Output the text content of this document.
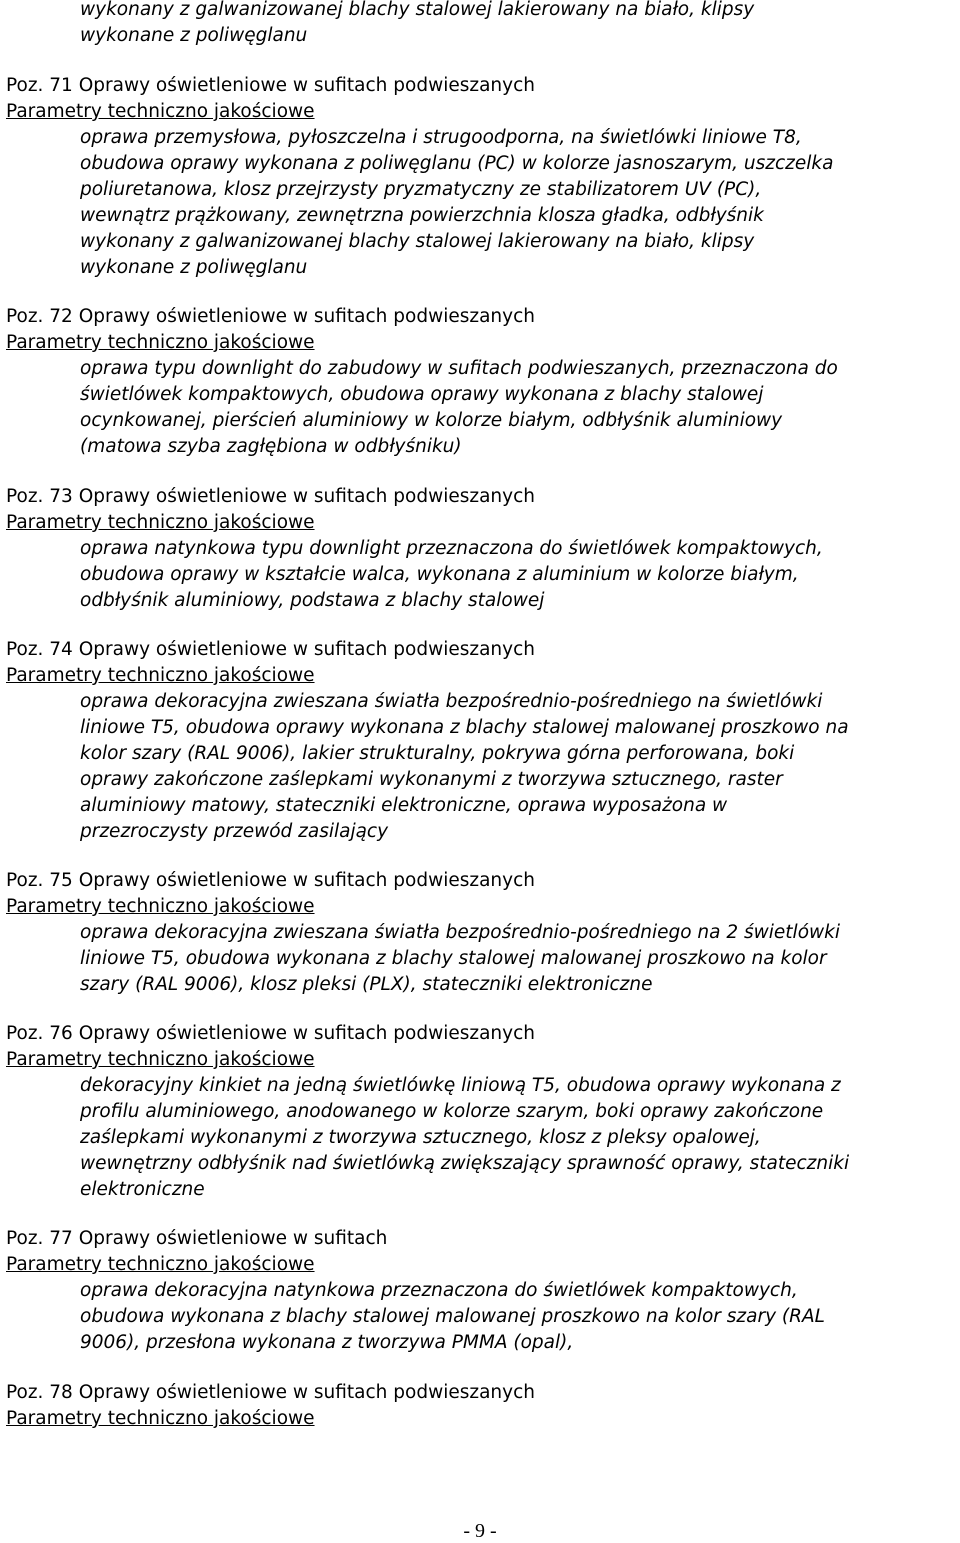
wykonany z galwanizowanej blachy stalowej lakierowany na biało, klipsy
wykonane z poliwęglanu
Poz. 71 Oprawy oświetleniowe w sufitach podwieszanych
Parametry techniczno jakościowe
oprawa przemysłowa, pyłoszczelna i strugoodporna, na świetlówki liniowe T8,
obudowa oprawy wykonana z poliwęglanu (PC) w kolorze jasnoszarym, uszczelka
poliuretanowa, klosz przejrzysty pryzmatyczny ze stabilizatorem UV (PC),
wewnątrz prążkowany, zewnętrzna powierzchnia klosza gładka, odbłyśnik
wykonany z galwanizowanej blachy stalowej lakierowany na biało, klipsy
wykonane z poliwęglanu
Poz. 72 Oprawy oświetleniowe w sufitach podwieszanych
Parametry techniczno jakościowe
oprawa typu downlight do zabudowy w sufitach podwieszanych, przeznaczona do
świetlówek kompaktowych, obudowa oprawy wykonana z blachy stalowej
ocynkowanej, pierścień aluminiowy w kolorze białym, odbłyśnik aluminiowy
(matowa szyba zagłębiona w odbłyśniku)
Poz. 73 Oprawy oświetleniowe w sufitach podwieszanych
Parametry techniczno jakościowe
oprawa natynkowa typu downlight przeznaczona do świetlówek kompaktowych,
obudowa oprawy w kształcie walca, wykonana z aluminium w kolorze białym,
odbłyśnik aluminiowy, podstawa z blachy stalowej
Poz. 74 Oprawy oświetleniowe w sufitach podwieszanych
Parametry techniczno jakościowe
oprawa dekoracyjna zwieszana światła bezpośrednio-pośredniego na świetlówki
liniowe T5, obudowa oprawy wykonana z blachy stalowej malowanej proszkowo na
kolor szary (RAL 9006), lakier strukturalny, pokrywa górna perforowana, boki
oprawy zakończone zaślepkami wykonanymi z tworzywa sztucznego, raster
aluminiowy matowy, stateczniki elektroniczne, oprawa wyposażona w
przezroczysty przewód zasilający
Poz. 75 Oprawy oświetleniowe w sufitach podwieszanych
Parametry techniczno jakościowe
oprawa dekoracyjna zwieszana światła bezpośrednio-pośredniego na 2 świetlówki
liniowe T5, obudowa wykonana z blachy stalowej malowanej proszkowo na kolor
szary (RAL 9006), klosz pleksi (PLX), stateczniki elektroniczne
Poz. 76 Oprawy oświetleniowe w sufitach podwieszanych
Parametry techniczno jakościowe
dekoracyjny kinkiet na jedną świetlówkę liniową T5, obudowa oprawy wykonana z
profilu aluminiowego, anodowanego w kolorze szarym, boki oprawy zakończone
zaślepkami wykonanymi z tworzywa sztucznego, klosz z pleksy opalowej,
wewnętrzny odbłyśnik nad świetlówką zwiększający sprawność oprawy, stateczniki
elektroniczne
Poz. 77 Oprawy oświetleniowe w sufitach
Parametry techniczno jakościowe
oprawa dekoracyjna natynkowa przeznaczona do świetlówek kompaktowych,
obudowa wykonana z blachy stalowej malowanej proszkowo na kolor szary (RAL
9006), przesłona wykonana z tworzywa PMMA (opal),
Poz. 78 Oprawy oświetleniowe w sufitach podwieszanych
Parametry techniczno jakościowe
- 9 -
